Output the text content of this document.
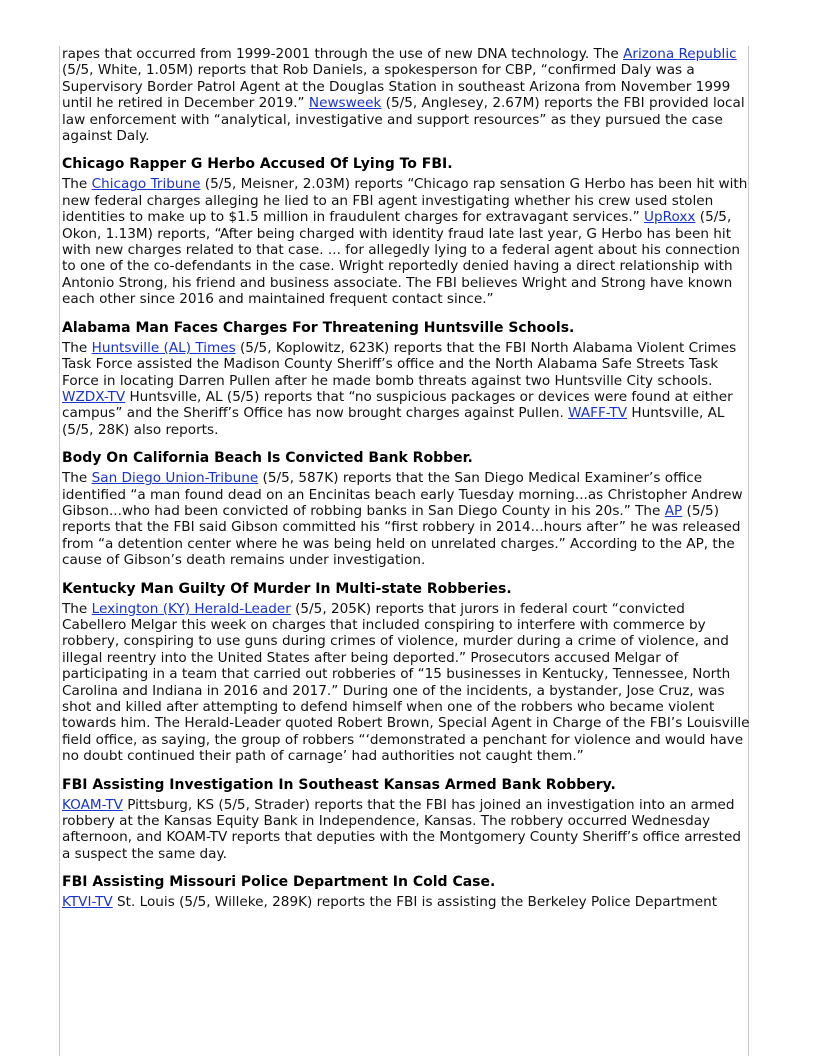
rapes that occurred from 1999-2001 through the use of new DNA technology. The Arizona Republic (5/5, White, 1.05M) reports that Rob Daniels, a spokesperson for CBP, “confirmed Daly was a Supervisory Border Patrol Agent at the Douglas Station in southeast Arizona from November 1999 until he retired in December 2019.” Newsweek (5/5, Anglesey, 2.67M) reports the FBI provided local law enforcement with “analytical, investigative and support resources” as they pursued the case against Daly.

Chicago Rapper G Herbo Accused Of Lying To FBI.

The Chicago Tribune (5/5, Meisner, 2.03M) reports “Chicago rap sensation G Herbo has been hit with new federal charges alleging he lied to an FBI agent investigating whether his crew used stolen identities to make up to $1.5 million in fraudulent charges for extravagant services.” UpRoxx (5/5, Okon, 1.13M) reports, “After being charged with identity fraud late last year, G Herbo has been hit with new charges related to that case. ... for allegedly lying to a federal agent about his connection to one of the co-defendants in the case. Wright reportedly denied having a direct relationship with Antonio Strong, his friend and business associate. The FBI believes Wright and Strong have known each other since 2016 and maintained frequent contact since.”

Alabama Man Faces Charges For Threatening Huntsville Schools.

The Huntsville (AL) Times (5/5, Koplowitz, 623K) reports that the FBI North Alabama Violent Crimes Task Force assisted the Madison County Sheriff’s office and the North Alabama Safe Streets Task Force in locating Darren Pullen after he made bomb threats against two Huntsville City schools. WZDX-TV Huntsville, AL (5/5) reports that “no suspicious packages or devices were found at either campus” and the Sheriff’s Office has now brought charges against Pullen. WAFF-TV Huntsville, AL (5/5, 28K) also reports.

Body On California Beach Is Convicted Bank Robber.

The San Diego Union-Tribune (5/5, 587K) reports that the San Diego Medical Examiner’s office identified “a man found dead on an Encinitas beach early Tuesday morning...as Christopher Andrew Gibson...who had been convicted of robbing banks in San Diego County in his 20s.” The AP (5/5) reports that the FBI said Gibson committed his “first robbery in 2014...hours after” he was released from “a detention center where he was being held on unrelated charges.” According to the AP, the cause of Gibson’s death remains under investigation.

Kentucky Man Guilty Of Murder In Multi-state Robberies.

The Lexington (KY) Herald-Leader (5/5, 205K) reports that jurors in federal court “convicted Cabellero Melgar this week on charges that included conspiring to interfere with commerce by robbery, conspiring to use guns during crimes of violence, murder during a crime of violence, and illegal reentry into the United States after being deported.” Prosecutors accused Melgar of participating in a team that carried out robberies of “15 businesses in Kentucky, Tennessee, North Carolina and Indiana in 2016 and 2017.” During one of the incidents, a bystander, Jose Cruz, was shot and killed after attempting to defend himself when one of the robbers who became violent towards him. The Herald-Leader quoted Robert Brown, Special Agent in Charge of the FBI’s Louisville field office, as saying, the group of robbers “‘demonstrated a penchant for violence and would have no doubt continued their path of carnage’ had authorities not caught them.”

FBI Assisting Investigation In Southeast Kansas Armed Bank Robbery.

KOAM-TV Pittsburg, KS (5/5, Strader) reports that the FBI has joined an investigation into an armed robbery at the Kansas Equity Bank in Independence, Kansas. The robbery occurred Wednesday afternoon, and KOAM-TV reports that deputies with the Montgomery County Sheriff’s office arrested a suspect the same day.

FBI Assisting Missouri Police Department In Cold Case.

KTVI-TV St. Louis (5/5, Willeke, 289K) reports the FBI is assisting the Berkeley Police Department
